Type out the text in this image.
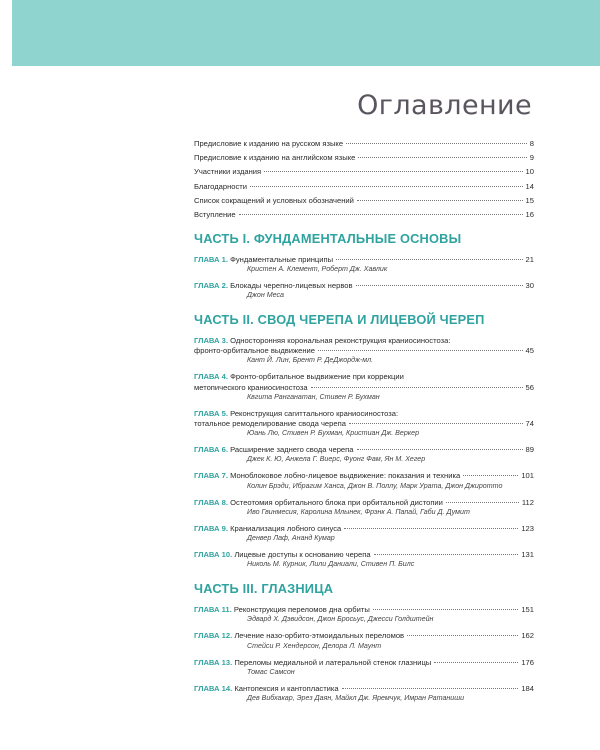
Оглавление
Предисловие к изданию на русском языке	8
Предисловие к изданию на английском языке	9
Участники издания	10
Благодарности	14
Список сокращений и условных обозначений	15
Вступление	16
ЧАСТЬ I. ФУНДАМЕНТАЛЬНЫЕ ОСНОВЫ
ГЛАВА 1. Фундаментальные принципы	21
Кристен А. Клемент, Роберт Дж. Хавлик
ГЛАВА 2. Блокады черепно-лицевых нервов	30
Джон Меса
ЧАСТЬ II. СВОД ЧЕРЕПА И ЛИЦЕВОЙ ЧЕРЕП
ГЛАВА 3. Односторонняя корональная реконструкция краниосиностоза:
фронто-орбитальное выдвижение	45
Кант Й. Лин, Брент Р. ДеДжордж-мл.
ГЛАВА 4. Фронто-орбитальное выдвижение при коррекции
метопического краниосиностоза	56
Квгита Ранганатан, Стивен Р. Бухман
ГЛАВА 5. Реконструкция сагиттального краниосиностоза:
тотальное ремоделирование свода черепа	74
Юань Лю, Стивен Р. Бухман, Кристиан Дж. Веркер
ГЛАВА 6. Расширение заднего свода черепа	89
Джек К. Ю, Анжела Г. Виерс, Фуонг Фам, Ян М. Хегер
ГЛАВА 7. Моноблоковое лобно-лицевое выдвижение: показания и техника	101
Колин Брэди, Ибрагим Ханса, Джон В. Поллy, Марк Урата, Джон Джиротто
ГЛАВА 8. Остеотомия орбитального блока при орбитальной дистопии	112
Иво Гвинмесия, Каролина Млынек, Фрэнк А. Папай, Габи Д. Думит
ГЛАВА 9. Краниализация лобного синуса	123
Денвер Лаф, Ананд Кумар
ГЛАВА 10. Лицевые доступы к основанию черепа	131
Николь М. Курник, Лили Даниали, Стивен П. Билс
ЧАСТЬ III. ГЛАЗНИЦА
ГЛАВА 11. Реконструкция переломов дна орбиты	151
Эдвард Х. Дэвидсон, Джон Бросьус, Джесси Голдштейн
ГЛАВА 12. Лечение назо-орбито-этмоидальных переломов	162
Стейси Р. Хендерсон, Делора Л. Мaунт
ГЛАВА 13. Переломы медиальной и латеральной стенок глазницы	176
Томас Самсон
ГЛАВА 14. Кантопексия и кантопластика	184
Дев Вибхакар, Эрез Даян, Майкл Дж. Яремчук, Имран Ратаниши
